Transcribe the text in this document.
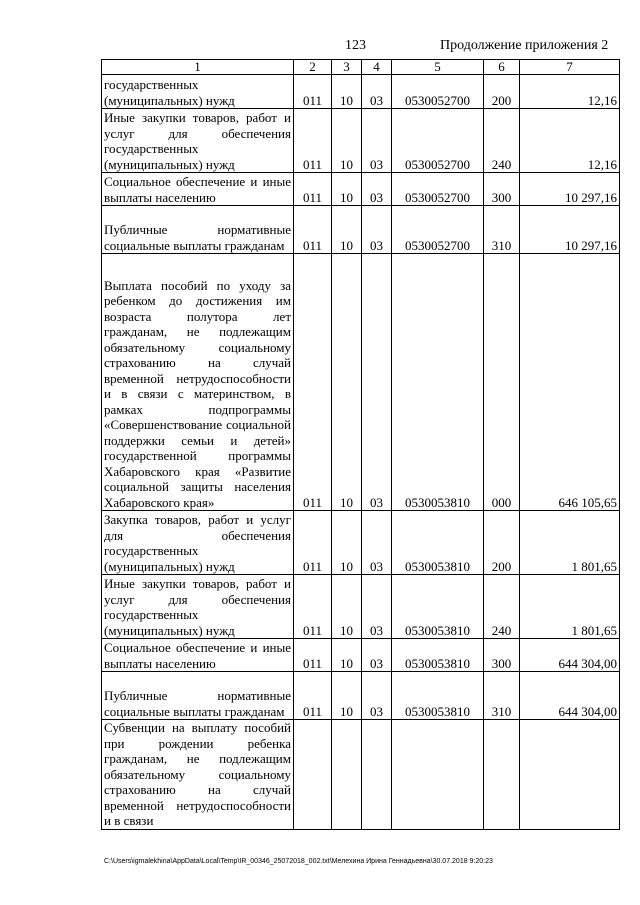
123	Продолжение приложения 2
1	2	3	4	5	6	7
государственных (муниципальных) нужд	011	10	03	0530052700	200	12,16
Иные закупки товаров, работ и услуг для обеспечения государственных (муниципальных) нужд	011	10	03	0530052700	240	12,16
Социальное обеспечение и иные выплаты населению	011	10	03	0530052700	300	10 297,16
Публичные нормативные социальные выплаты гражданам	011	10	03	0530052700	310	10 297,16
Выплата пособий по уходу за ребенком до достижения им возраста полутора лет гражданам, не подлежащим обязательному социальному страхованию на случай временной нетрудоспособности и в связи с материнством, в рамках подпрограммы «Совершенствование социальной поддержки семьи и детей» государственной программы Хабаровского края «Развитие социальной защиты населения Хабаровского края»	011	10	03	0530053810	000	646 105,65
Закупка товаров, работ и услуг для обеспечения государственных (муниципальных) нужд	011	10	03	0530053810	200	1 801,65
Иные закупки товаров, работ и услуг для обеспечения государственных (муниципальных) нужд	011	10	03	0530053810	240	1 801,65
Социальное обеспечение и иные выплаты населению	011	10	03	0530053810	300	644 304,00
Публичные нормативные социальные выплаты гражданам	011	10	03	0530053810	310	644 304,00
Субвенции на выплату пособий при рождении ребенка гражданам, не подлежащим обязательному социальному страхованию на случай временной нетрудоспособности и в связи						
C:\Users\igmalekhina\AppData\Local\Temp\IR_00346_25072018_002.txt\Мелехина Ирина Геннадьевна\30.07.2018 9:20:23
